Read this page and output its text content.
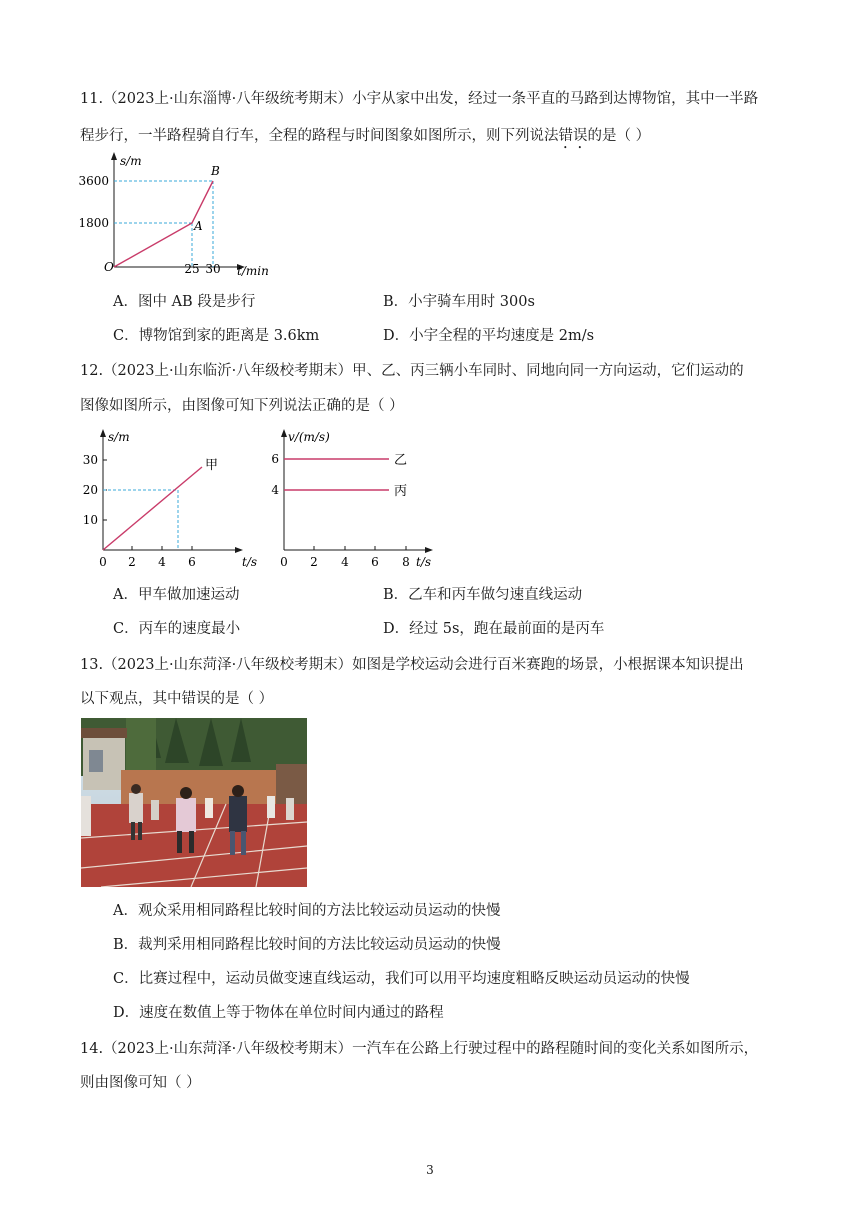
11.（2023上·山东淄博·八年级统考期末）小宇从家中出发，经过一条平直的马路到达博物馆，其中一半路
程步行，一半路程骑自行车，全程的路程与时间图象如图所示，则下列说法错误的是（ ）
s/m
3600
1800
B
A
O	25 30 t/min
A．图中 AB 段是步行	B．小宇骑车用时 300s
C．博物馆到家的距离是 3.6km	D．小宇全程的平均速度是 2m/s
12.（2023上·山东临沂·八年级校考期末）甲、乙、丙三辆小车同时、同地向同一方向运动，它们运动的
图像如图所示，由图像可知下列说法正确的是（ ）
甲
s/m
30
20
10
0 2 4 6	t/s
乙
丙
v/(m/s)
6
4
0 2 4 6 8 t/s
A．甲车做加速运动	B．乙车和丙车做匀速直线运动
C．丙车的速度最小	D．经过 5s，跑在最前面的是丙车
13.（2023上·山东菏泽·八年级校考期末）如图是学校运动会进行百米赛跑的场景，小根据课本知识提出
以下观点，其中错误的是（ ）
A．观众采用相同路程比较时间的方法比较运动员运动的快慢
B．裁判采用相同路程比较时间的方法比较运动员运动的快慢
C．比赛过程中，运动员做变速直线运动，我们可以用平均速度粗略反映运动员运动的快慢
D．速度在数值上等于物体在单位时间内通过的路程
14.（2023上·山东菏泽·八年级校考期末）一汽车在公路上行驶过程中的路程随时间的变化关系如图所示，
则由图像可知（ ）
3
